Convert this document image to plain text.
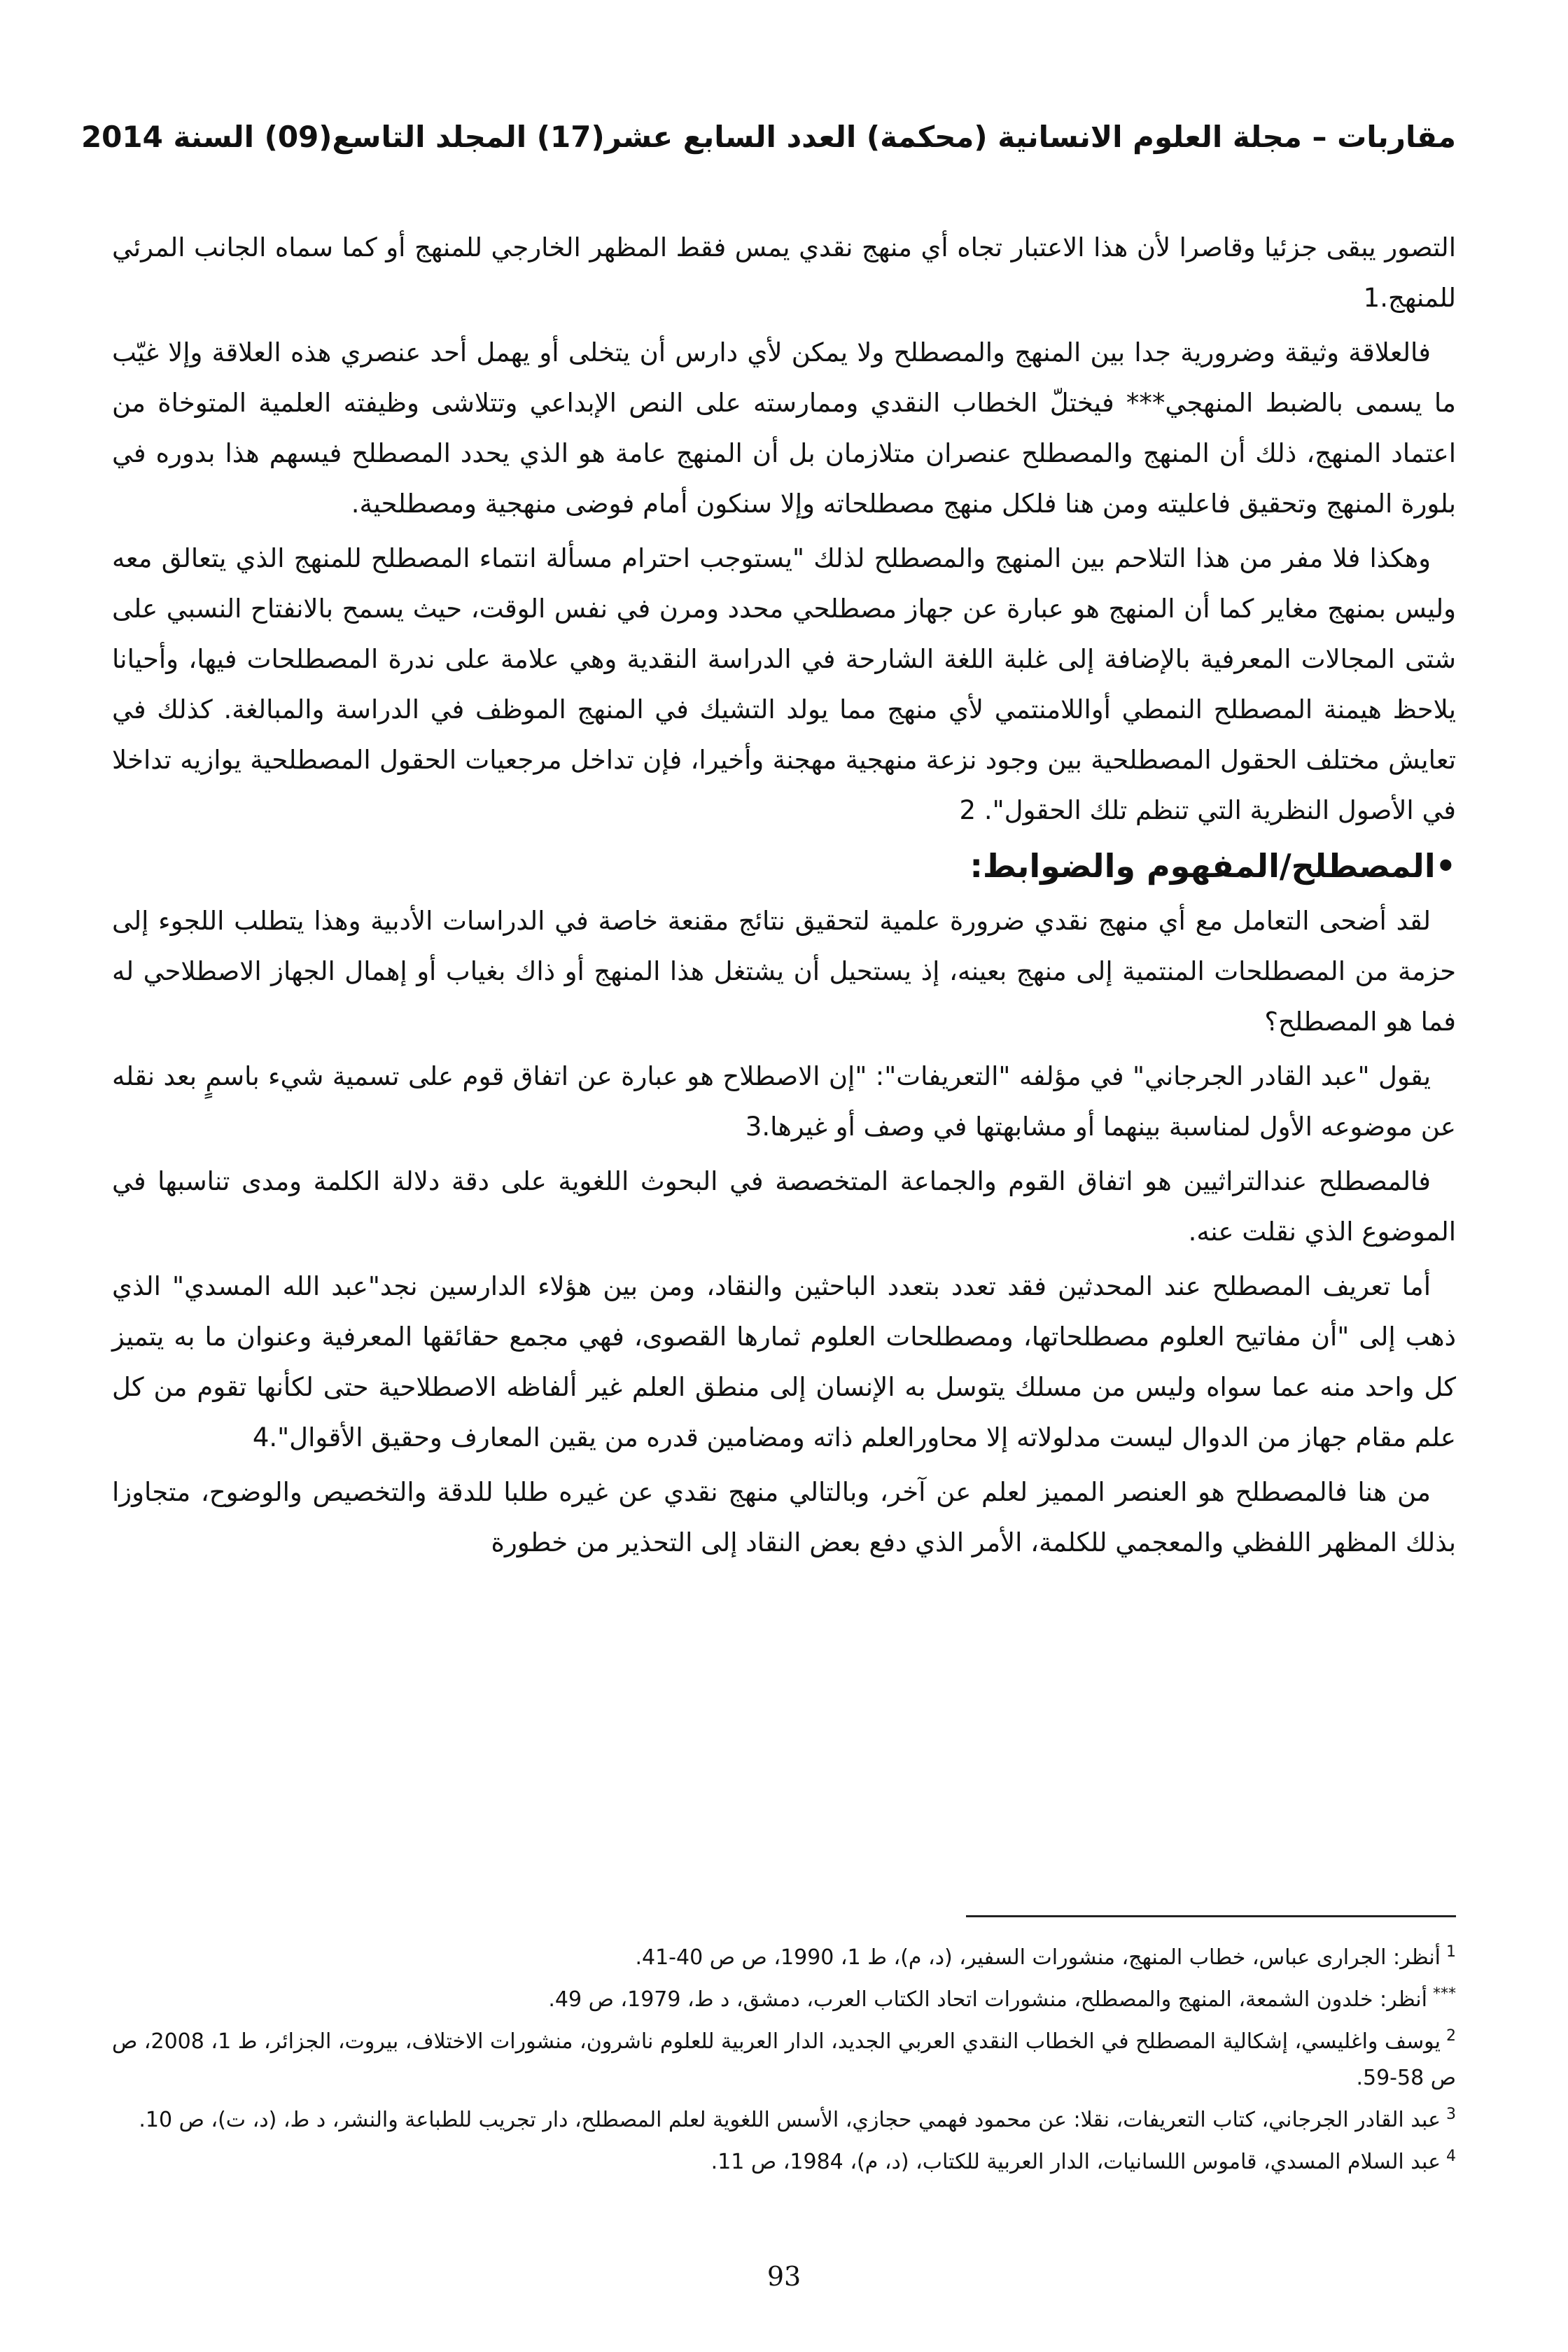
مقاربات – مجلة العلوم الانسانية (محكمة) العدد السابع عشر(17) المجلد التاسع(09) السنة 2014

التصور يبقى جزئيا وقاصرا لأن هذا الاعتبار تجاه أي منهج نقدي يمس فقط المظهر الخارجي للمنهج أو كما سماه الجانب المرئي للمنهج.1

فالعلاقة وثيقة وضرورية جدا بين المنهج والمصطلح ولا يمكن لأي دارس أن يتخلى أو يهمل أحد عنصري هذه العلاقة وإلا غيّب ما يسمى بالضبط المنهجي*** فيختلّ الخطاب النقدي وممارسته على النص الإبداعي وتتلاشى وظيفته العلمية المتوخاة من اعتماد المنهج، ذلك أن المنهج والمصطلح عنصران متلازمان بل أن المنهج عامة هو الذي يحدد المصطلح فيسهم هذا بدوره في بلورة المنهج وتحقيق فاعليته ومن هنا فلكل منهج مصطلحاته وإلا سنكون أمام فوضى منهجية ومصطلحية.

وهكذا فلا مفر من هذا التلاحم بين المنهج والمصطلح لذلك "يستوجب احترام مسألة انتماء المصطلح للمنهج الذي يتعالق معه وليس بمنهج مغاير كما أن المنهج هو عبارة عن جهاز مصطلحي محدد ومرن في نفس الوقت، حيث يسمح بالانفتاح النسبي على شتى المجالات المعرفية بالإضافة إلى غلبة اللغة الشارحة في الدراسة النقدية وهي علامة على ندرة المصطلحات فيها، وأحيانا يلاحظ هيمنة المصطلح النمطي أواللامنتمي لأي منهج مما يولد التشيك في المنهج الموظف في الدراسة والمبالغة. كذلك في تعايش مختلف الحقول المصطلحية بين وجود نزعة منهجية مهجنة وأخيرا، فإن تداخل مرجعيات الحقول المصطلحية يوازيه تداخلا في الأصول النظرية التي تنظم تلك الحقول". 2

•المصطلح/المفهوم والضوابط:

لقد أضحى التعامل مع أي منهج نقدي ضرورة علمية لتحقيق نتائج مقنعة خاصة في الدراسات الأدبية وهذا يتطلب اللجوء إلى حزمة من المصطلحات المنتمية إلى منهج بعينه، إذ يستحيل أن يشتغل هذا المنهج أو ذاك بغياب أو إهمال الجهاز الاصطلاحي له فما هو المصطلح؟

يقول "عبد القادر الجرجاني" في مؤلفه "التعريفات": "إن الاصطلاح هو عبارة عن اتفاق قوم على تسمية شيء باسمٍ بعد نقله عن موضوعه الأول لمناسبة بينهما أو مشابهتها في وصف أو غيرها.3

فالمصطلح عندالتراثيين هو اتفاق القوم والجماعة المتخصصة في البحوث اللغوية على دقة دلالة الكلمة ومدى تناسبها في الموضوع الذي نقلت عنه.

أما تعريف المصطلح عند المحدثين فقد تعدد بتعدد الباحثين والنقاد، ومن بين هؤلاء الدارسين نجد"عبد الله المسدي" الذي ذهب إلى "أن مفاتيح العلوم مصطلحاتها، ومصطلحات العلوم ثمارها القصوى، فهي مجمع حقائقها المعرفية وعنوان ما به يتميز كل واحد منه عما سواه وليس من مسلك يتوسل به الإنسان إلى منطق العلم غير ألفاظه الاصطلاحية حتى لكأنها تقوم من كل علم مقام جهاز من الدوال ليست مدلولاته إلا محاورالعلم ذاته ومضامين قدره من يقين المعارف وحقيق الأقوال".4

من هنا فالمصطلح هو العنصر المميز لعلم عن آخر، وبالتالي منهج نقدي عن غيره طلبا للدقة والتخصيص والوضوح، متجاوزا بذلك المظهر اللفظي والمعجمي للكلمة، الأمر الذي دفع بعض النقاد إلى التحذير من خطورة

$^1$أنظر: الجرارى عباس، خطاب المنهج، منشورات السفير، (د، م)، ط 1، 1990، ص ص 40-41.

***أنظر: خلدون الشمعة، المنهج والمصطلح، منشورات اتحاد الكتاب العرب، دمشق، د ط، 1979، ص 49.

$^2$يوسف واغليسي، إشكالية المصطلح في الخطاب النقدي العربي الجديد، الدار العربية للعلوم ناشرون، منشورات الاختلاف، بيروت، الجزائر، ط 1، 2008، ص ص 58-59.

$^3$عبد القادر الجرجاني، كتاب التعريفات، نقلا: عن محمود فهمي حجازي، الأسس اللغوية لعلم المصطلح، دار تجريب للطباعة والنشر، د ط، (د، ت)، ص 10.

$^4$عبد السلام المسدي، قاموس اللسانيات، الدار العربية للكتاب، (د، م)، 1984، ص 11.

93
